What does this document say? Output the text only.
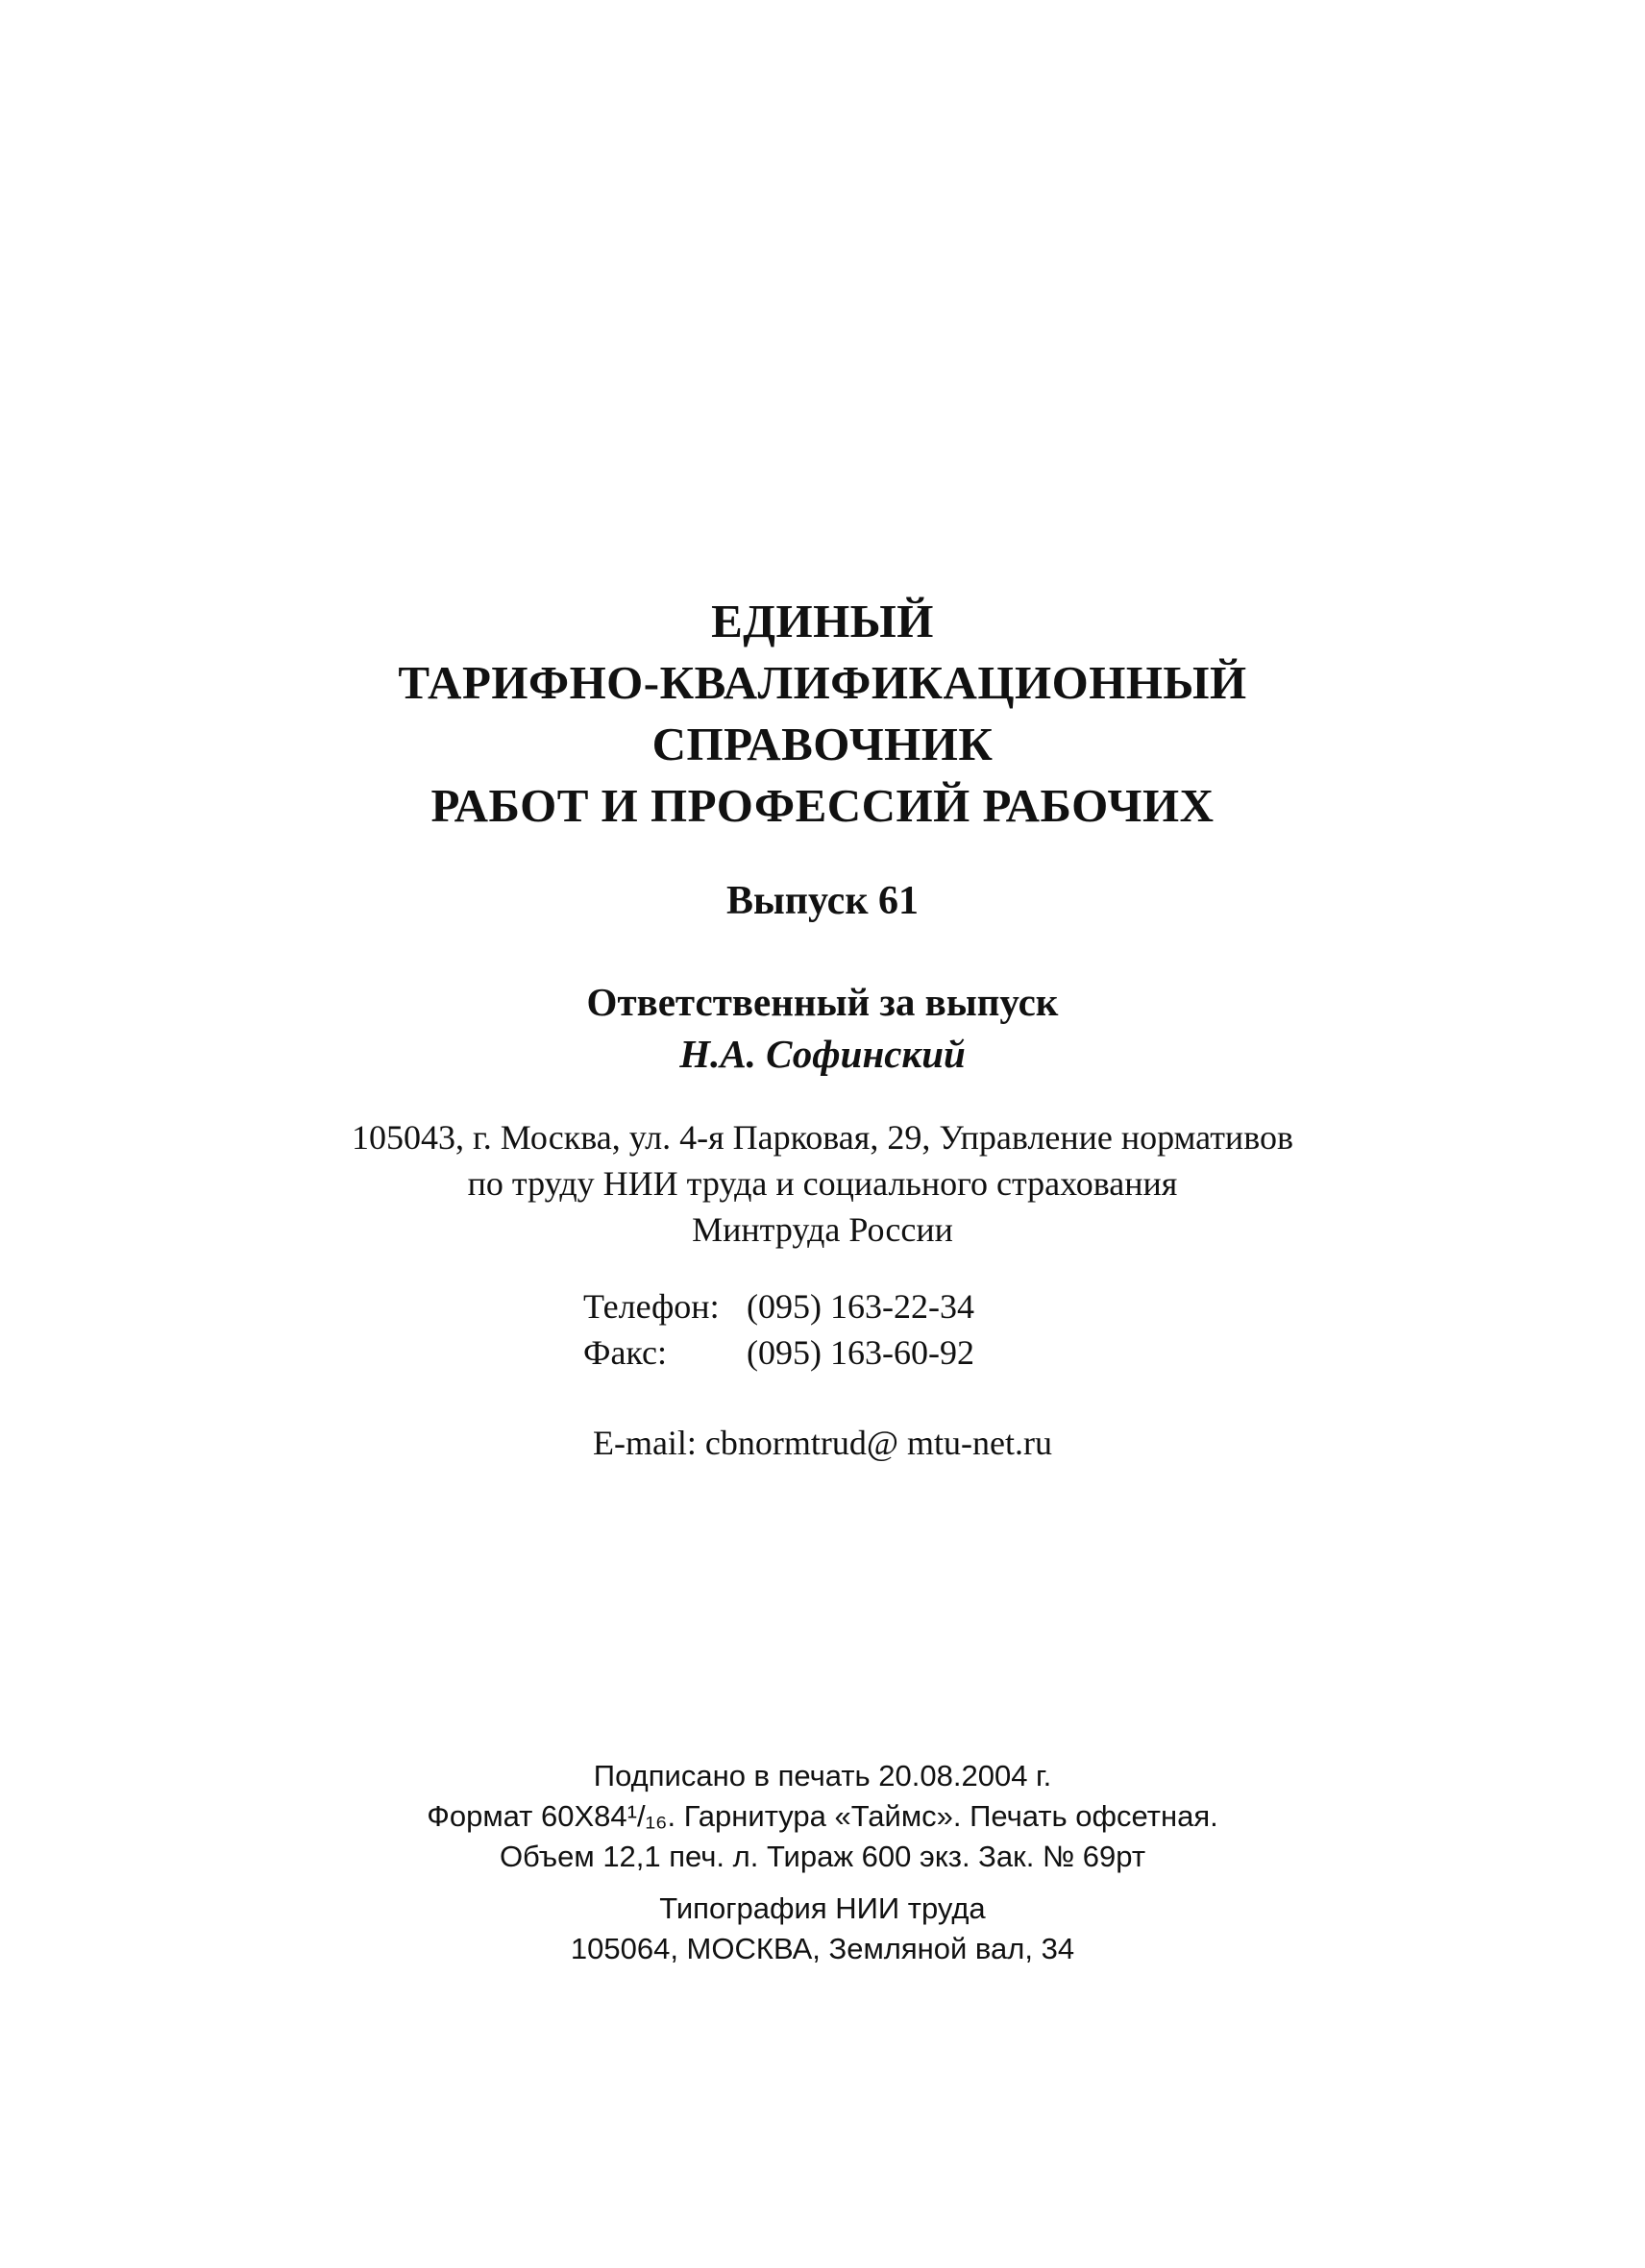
ЕДИНЫЙ
ТАРИФНО-КВАЛИФИКАЦИОННЫЙ
СПРАВОЧНИК
РАБОТ И ПРОФЕССИЙ РАБОЧИХ
Выпуск 61
Ответственный за выпуск
Н.А. Софинский
105043, г. Москва, ул. 4-я Парковая, 29, Управление нормативов
по труду НИИ труда и социального страхования
Минтруда России
Телефон: (095) 163-22-34
Факс:	(095) 163-60-92
E-mail: cbnormtrud@ mtu-net.ru
Подписано в печать 20.08.2004 г.
Формат 60Х84¹/₁₆. Гарнитура «Таймс». Печать офсетная.
Объем 12,1 печ. л. Тираж 600 экз. Зак. № 69рт
Типография НИИ труда
105064, МОСКВА, Земляной вал, 34
